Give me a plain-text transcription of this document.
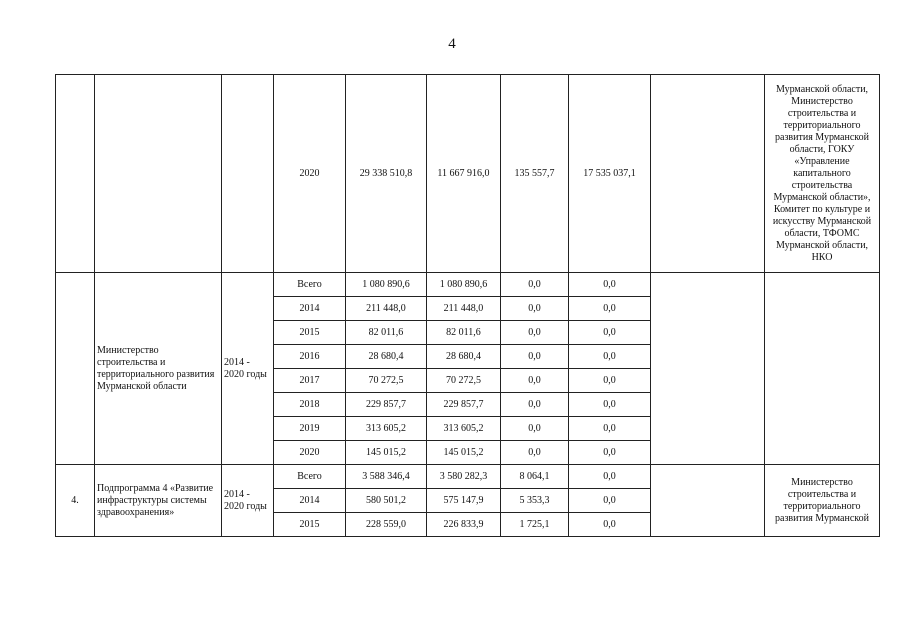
4
			2020	29 338 510,8	11 667 916,0	135 557,7	17 535 037,1		Мурманской области, Министерство строительства и территориального развития Мурманской области, ГОКУ «Управление капитального строительства Мурманской области», Комитет по культуре и искусству Мурманской области, ТФОМС Мурманской области, НКО
	Министерство строительства и территориального развития Мурманской области	2014 - 2020 годы	Всего	1 080 890,6	1 080 890,6	0,0	0,0		
			2014	211 448,0	211 448,0	0,0	0,0		
			2015	82 011,6	82 011,6	0,0	0,0		
			2016	28 680,4	28 680,4	0,0	0,0		
			2017	70 272,5	70 272,5	0,0	0,0		
			2018	229 857,7	229 857,7	0,0	0,0		
			2019	313 605,2	313 605,2	0,0	0,0		
			2020	145 015,2	145 015,2	0,0	0,0		
4.	Подпрограмма 4 «Развитие инфраструктуры системы здравоохранения»	2014 - 2020 годы	Всего	3 588 346,4	3 580 282,3	8 064,1	0,0		Министерство строительства и территориального развития Мурманской
			2014	580 501,2	575 147,9	5 353,3	0,0		
			2015	228 559,0	226 833,9	1 725,1	0,0		
